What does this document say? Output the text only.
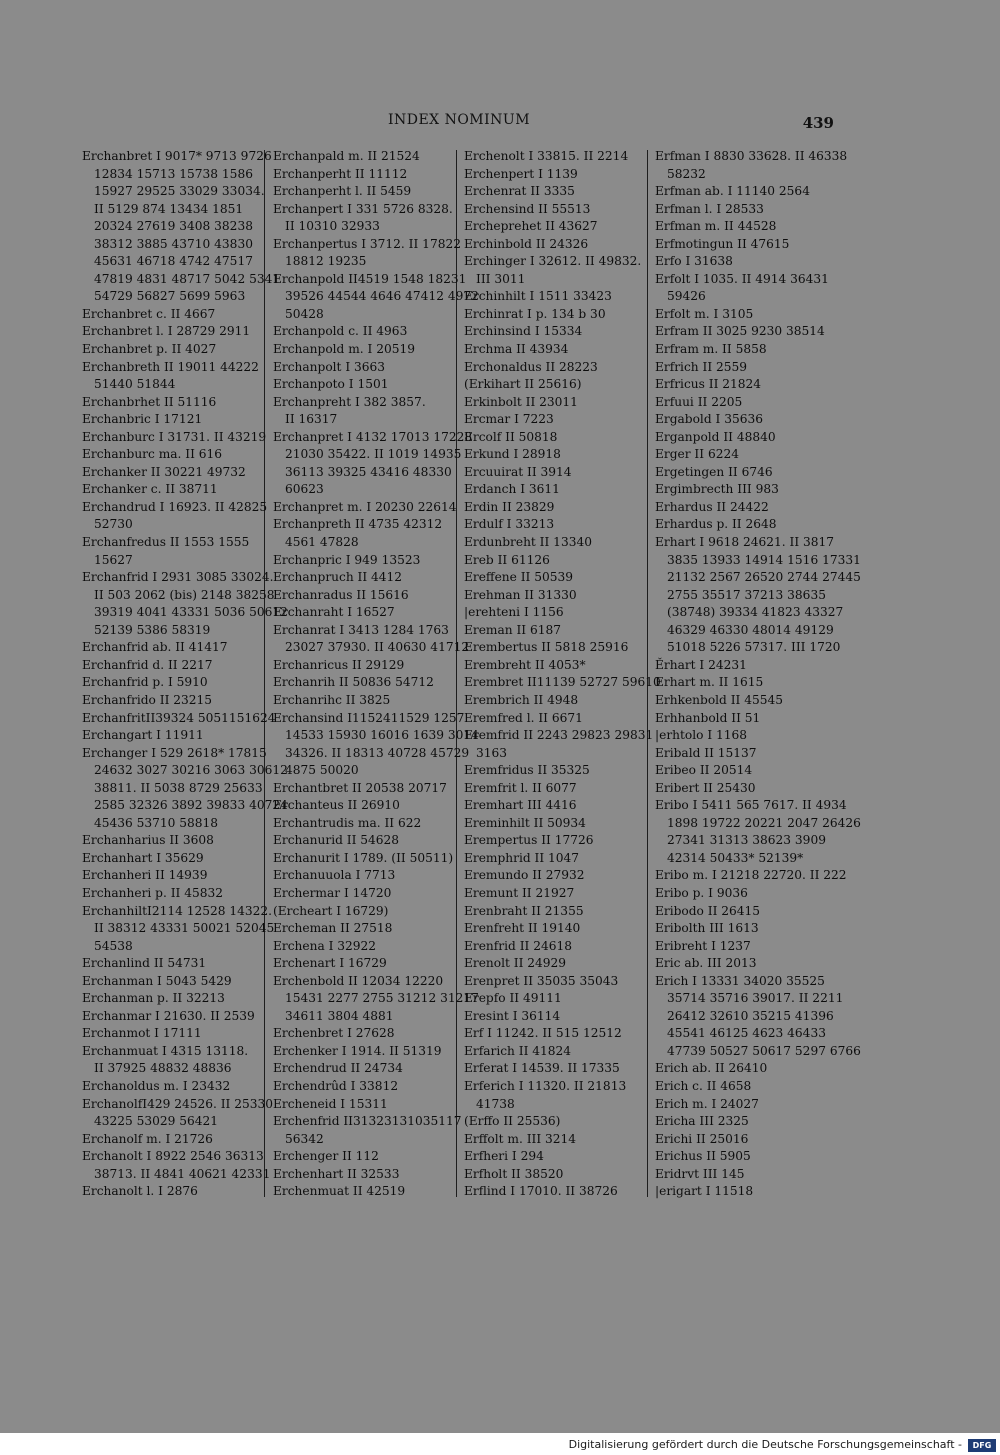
INDEX NOMINUM	439
Erchanbret I 9017* 9713 9726
12834 15713 15738 1586
15927 29525 33029 33034.
II 5129 874 13434 1851
20324 27619 3408 38238
38312 3885 43710 43830
45631 46718 4742 47517
47819 4831 48717 5042 5341
54729 56827 5699 5963
Erchanbret c. II 4667
Erchanbret l. I 28729 2911
Erchanbret p. II 4027
Erchanbreth II 19011 44222
51440 51844
Erchanbrhet II 51116
Erchanbric I 17121
Erchanburc I 31731. II 43219
Erchanburc ma. II 616
Erchanker II 30221 49732
Erchanker c. II 38711
Erchandrud I 16923. II 42825
52730
Erchanfredus II 1553 1555
15627
Erchanfrid I 2931 3085 33024.
II 503 2062 (bis) 2148 38258
39319 4041 43331 5036 50612
52139 5386 58319
Erchanfrid ab. II 41417
Erchanfrid d. II 2217
Erchanfrid p. I 5910
Erchanfrido II 23215
ErchanfritII39324 5051151624
Erchangart I 11911
Erchanger I 529 2618* 17815
24632 3027 30216 3063 30612
38811. II 5038 8729 25633
2585 32326 3892 39833 40724
45436 53710 58818
Erchanharius II 3608
Erchanhart I 35629
Erchanheri II 14939
Erchanheri p. II 45832
ErchanhiltI2114 12528 14322.
II 38312 43331 50021 52045
54538
Erchanlind II 54731
Erchanman I 5043 5429
Erchanman p. II 32213
Erchanmar I 21630. II 2539
Erchanmot I 17111
Erchanmuat I 4315 13118.
II 37925 48832 48836
Erchanoldus m. I 23432
ErchanolfI429 24526. II 25330
43225 53029 56421
Erchanolf m. I 21726
Erchanolt I 8922 2546 36313
38713. II 4841 40621 42331
Erchanolt l. I 2876
Erchanpald m. II 21524
Erchanperht II 11112
Erchanperht l. II 5459
Erchanpert I 331 5726 8328.
II 10310 32933
Erchanpertus I 3712. II 17822
18812 19235
Erchanpold II4519 1548 18231
39526 44544 4646 47412 4972
50428
Erchanpold c. II 4963
Erchanpold m. I 20519
Erchanpolt I 3663
Erchanpoto I 1501
Erchanpreht I 382 3857.
II 16317
Erchanpret I 4132 17013 17228
21030 35422. II 1019 14935
36113 39325 43416 48330
60623
Erchanpret m. I 20230 22614
Erchanpreth II 4735 42312
4561 47828
Erchanpric I 949 13523
Erchanpruch II 4412
Erchanradus II 15616
Erchanraht I 16527
Erchanrat I 3413 1284 1763
23027 37930. II 40630 41712
Erchanricus II 29129
Erchanrih II 50836 54712
Erchanrihc II 3825
Erchansind I1152411529 1257
14533 15930 16016 1639 3014
34326. II 18313 40728 45729
4875 50020
Erchantbret II 20538 20717
Erchanteus II 26910
Erchantrudis ma. II 622
Erchanurid II 54628
Erchanurit I 1789. (II 50511)
Erchanuuola I 7713
Erchermar I 14720
(Ercheart I 16729)
Ercheman II 27518
Erchena I 32922
Erchenart I 16729
Erchenbold II 12034 12220
15431 2277 2755 31212 31217
34611 3804 4881
Erchenbret I 27628
Erchenker I 1914. II 51319
Erchendrud II 24734
Erchendrûd I 33812
Ercheneid I 15311
Erchenfrid II31323131035117
56342
Erchenger II 112
Erchenhart II 32533
Erchenmuat II 42519
Erchenolt I 33815. II 2214
Erchenpert I 1139
Erchenrat II 3335
Erchensind II 55513
Ercheprehet II 43627
Erchinbold II 24326
Erchinger I 32612. II 49832.
III 3011
Erchinhilt I 1511 33423
Erchinrat I p. 134 b 30
Erchinsind I 15334
Erchma II 43934
Erchonaldus II 28223
(Erkihart II 25616)
Erkinbolt II 23011
Ercmar I 7223
Ercolf II 50818
Erkund I 28918
Ercuuirat II 3914
Erdanch I 3611
Erdin II 23829
Erdulf I 33213
Erdunbreht II 13340
Ereb II 61126
Ereffene II 50539
Erehman II 31330
|erehteni I 1156
Ereman II 6187
Erembertus II 5818 25916
Erembreht II 4053*
Erembret II11139 52727 59610
Erembrich II 4948
Eremfred l. II 6671
Eremfrid II 2243 29823 29831
3163
Eremfridus II 35325
Eremfrit l. II 6077
Eremhart III 4416
Ereminhilt II 50934
Erempertus II 17726
Eremphrid II 1047
Eremundo II 27932
Eremunt II 21927
Erenbraht II 21355
Erenfreht II 19140
Erenfrid II 24618
Erenolt II 24929
Erenpret II 35035 35043
Erepfo II 49111
Eresint I 36114
Erf I 11242. II 515 12512
Erfarich II 41824
Erferat I 14539. II 17335
Erferich I 11320. II 21813
41738
(Erffo II 25536)
Erffolt m. III 3214
Erfheri I 294
Erfholt II 38520
Erflind I 17010. II 38726
Erfman I 8830 33628. II 46338
58232
Erfman ab. I 11140 2564
Erfman l. I 28533
Erfman m. II 44528
Erfmotingun II 47615
Erfo I 31638
Erfolt I 1035. II 4914 36431
59426
Erfolt m. I 3105
Erfram II 3025 9230 38514
Erfram m. II 5858
Erfrich II 2559
Erfricus II 21824
Erfuui II 2205
Ergabold I 35636
Erganpold II 48840
Erger II 6224
Ergetingen II 6746
Ergimbrecth III 983
Erhardus II 24422
Erhardus p. II 2648
Erhart I 9618 24621. II 3817
3835 13933 14914 1516 17331
21132 2567 26520 2744 27445
2755 35517 37213 38635
(38748) 39334 41823 43327
46329 46330 48014 49129
51018 5226 57317. III 1720
Ěrhart I 24231
Erhart m. II 1615
Erhkenbold II 45545
Erhhanbold II 51
|erhtolo I 1168
Eribald II 15137
Eribeo II 20514
Eribert II 25430
Eribo I 5411 565 7617. II 4934
1898 19722 20221 2047 26426
27341 31313 38623 3909
42314 50433* 52139*
Eribo m. I 21218 22720. II 222
Eribo p. I 9036
Eribodo II 26415
Eribolth III 1613
Eribreht I 1237
Eric ab. III 2013
Erich I 13331 34020 35525
35714 35716 39017. II 2211
26412 32610 35215 41396
45541 46125 4623 46433
47739 50527 50617 5297 6766
Erich ab. II 26410
Erich c. II 4658
Erich m. I 24027
Ericha III 2325
Erichi II 25016
Erichus II 5905
Eridrvt III 145
|erigart I 11518
Digitalisierung gefördert durch die Deutsche Forschungsgemeinschaft -	DFG
